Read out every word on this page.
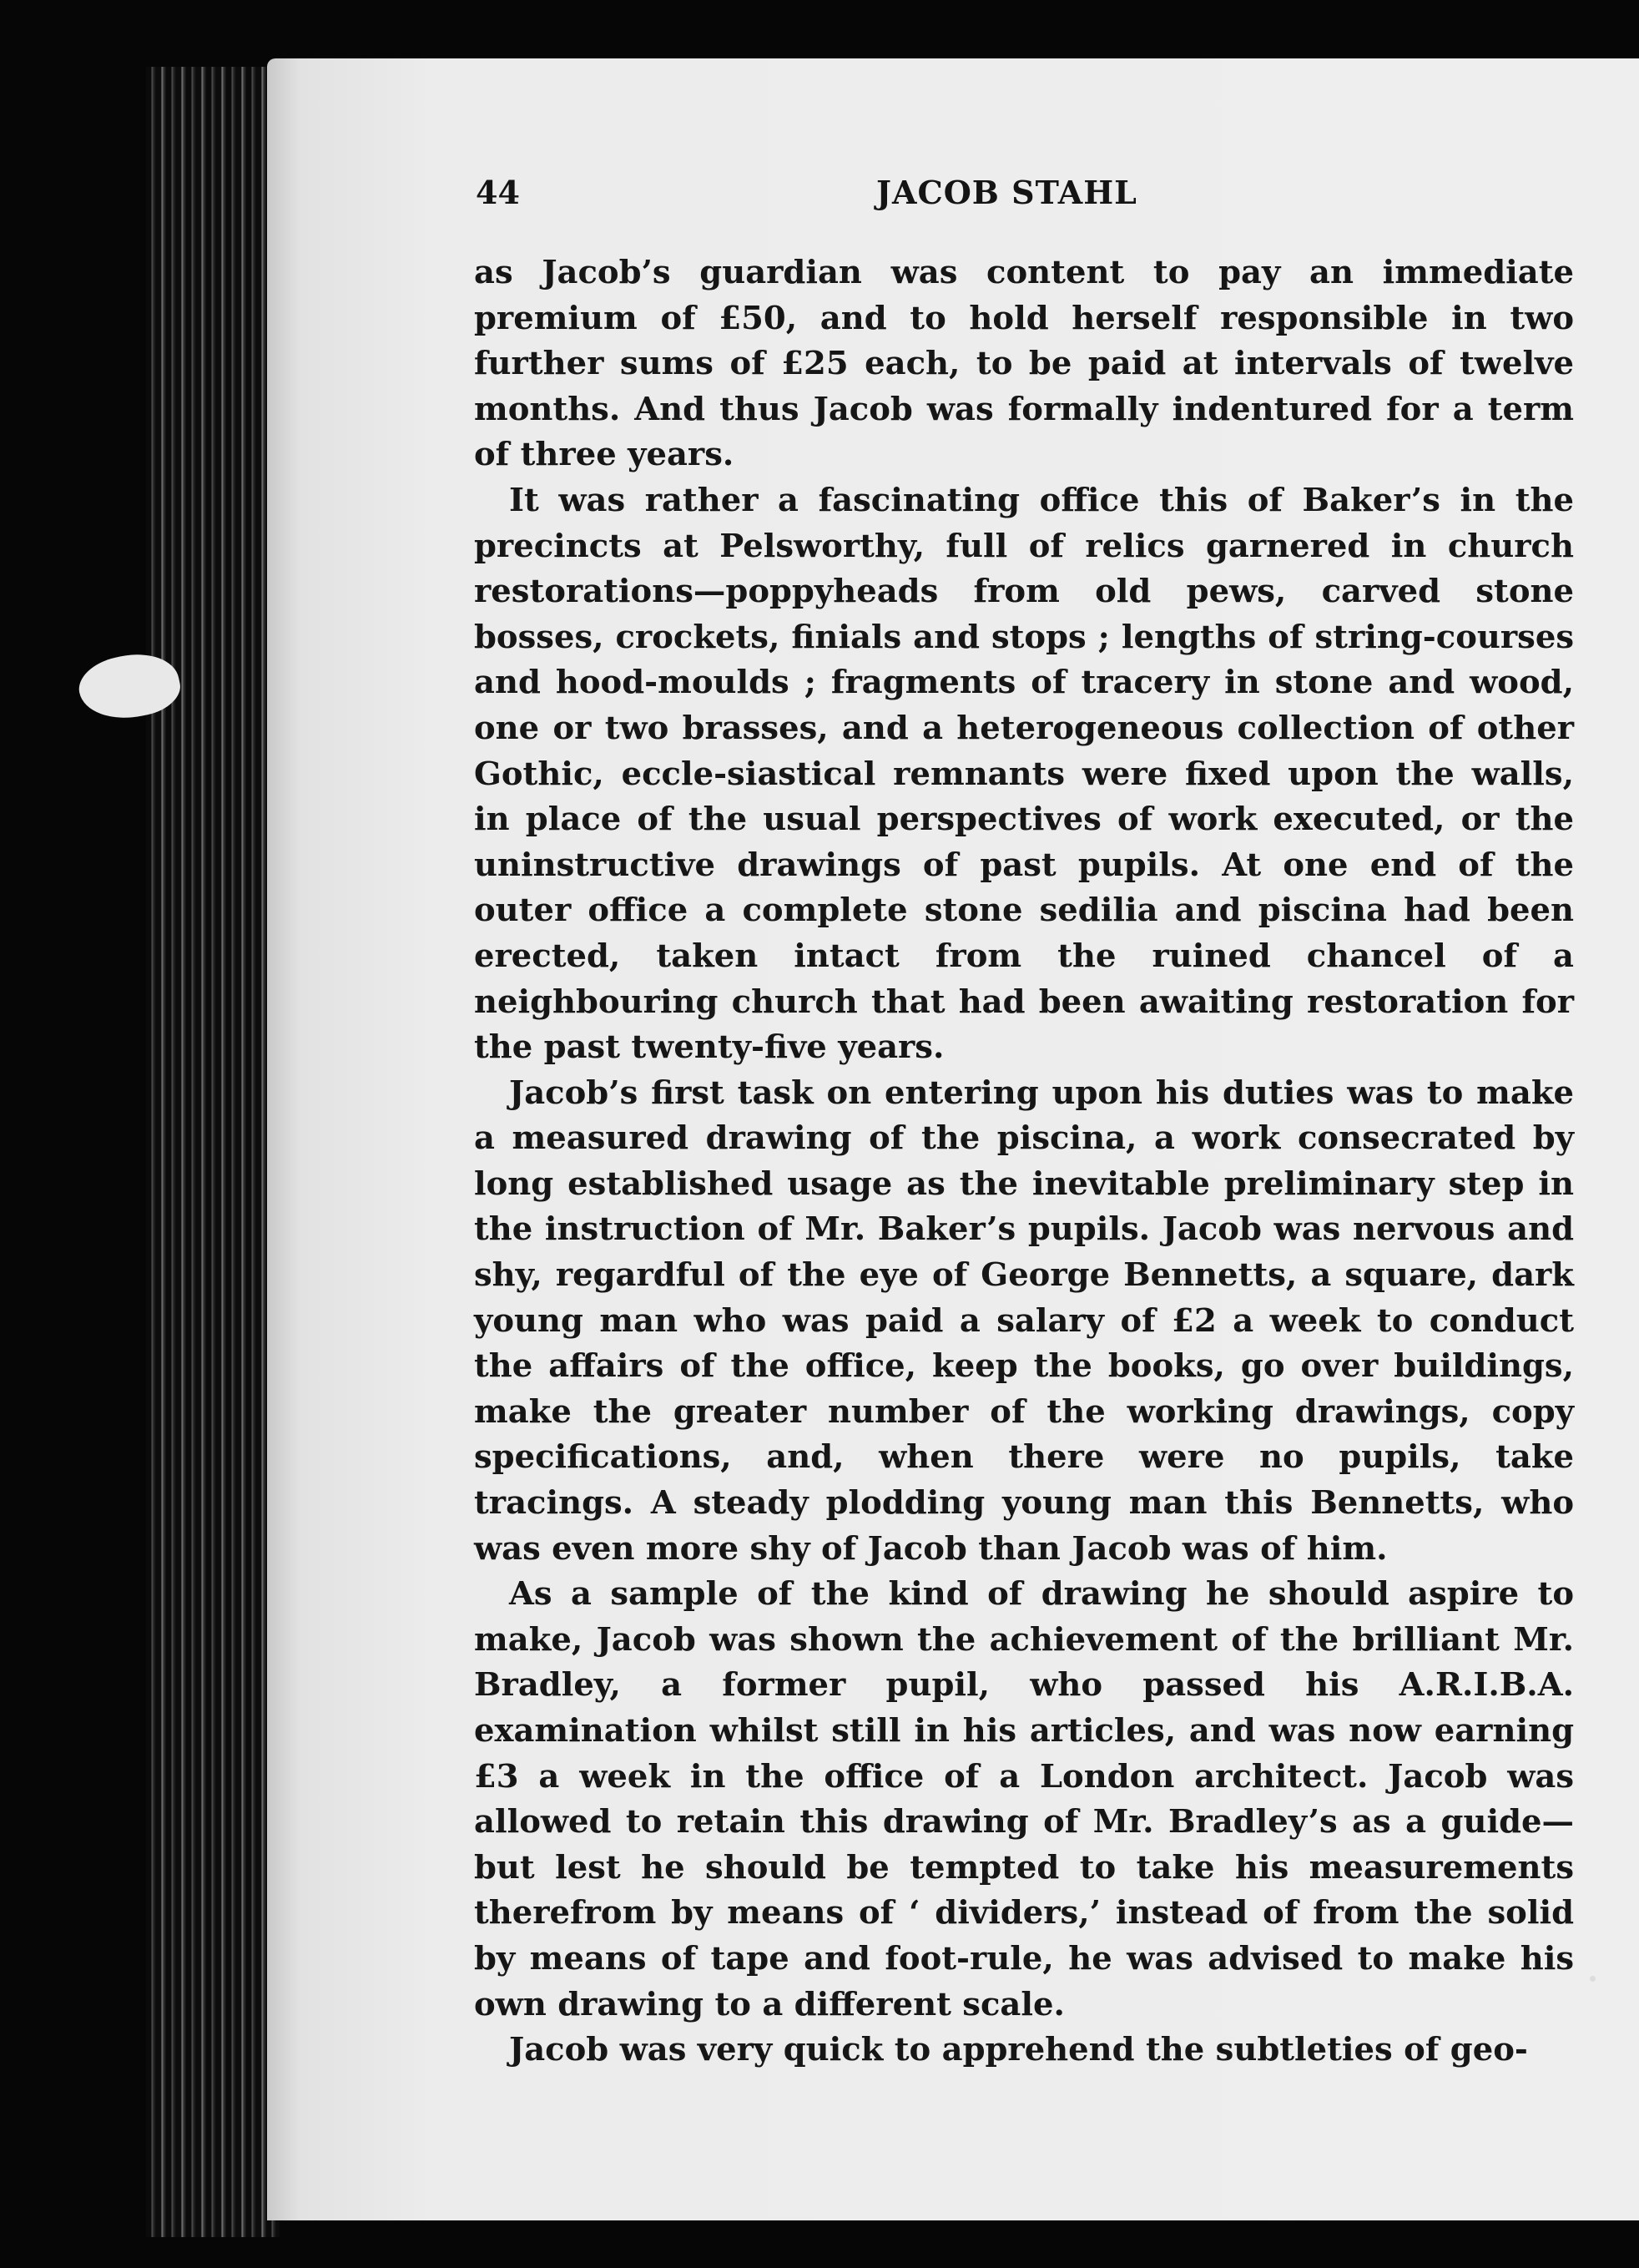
44	JACOB STAHL

as Jacob’s guardian was content to pay an immediate premium of £50, and to hold herself responsible in two further sums of £25 each, to be paid at intervals of twelve months. And thus Jacob was formally indentured for a term of three years.

It was rather a fascinating office this of Baker’s in the precincts at Pelsworthy, full of relics garnered in church restorations—poppyheads from old pews, carved stone bosses, crockets, finials and stops ; lengths of string-courses and hood-moulds ; fragments of tracery in stone and wood, one or two brasses, and a heterogeneous collection of other Gothic, eccle-siastical remnants were fixed upon the walls, in place of the usual perspectives of work executed, or the uninstructive drawings of past pupils. At one end of the outer office a complete stone sedilia and piscina had been erected, taken intact from the ruined chancel of a neighbouring church that had been awaiting restoration for the past twenty-five years.

Jacob’s first task on entering upon his duties was to make a measured drawing of the piscina, a work consecrated by long established usage as the inevitable preliminary step in the instruction of Mr. Baker’s pupils. Jacob was nervous and shy, regardful of the eye of George Bennetts, a square, dark young man who was paid a salary of £2 a week to conduct the affairs of the office, keep the books, go over buildings, make the greater number of the working drawings, copy specifications, and, when there were no pupils, take tracings. A steady plodding young man this Bennetts, who was even more shy of Jacob than Jacob was of him.

As a sample of the kind of drawing he should aspire to make, Jacob was shown the achievement of the brilliant Mr. Bradley, a former pupil, who passed his A.R.I.B.A. examination whilst still in his articles, and was now earning £3 a week in the office of a London architect. Jacob was allowed to retain this drawing of Mr. Bradley’s as a guide—but lest he should be tempted to take his measurements therefrom by means of ‘ dividers,’ instead of from the solid by means of tape and foot-rule, he was advised to make his own drawing to a different scale.

Jacob was very quick to apprehend the subtleties of geo-
